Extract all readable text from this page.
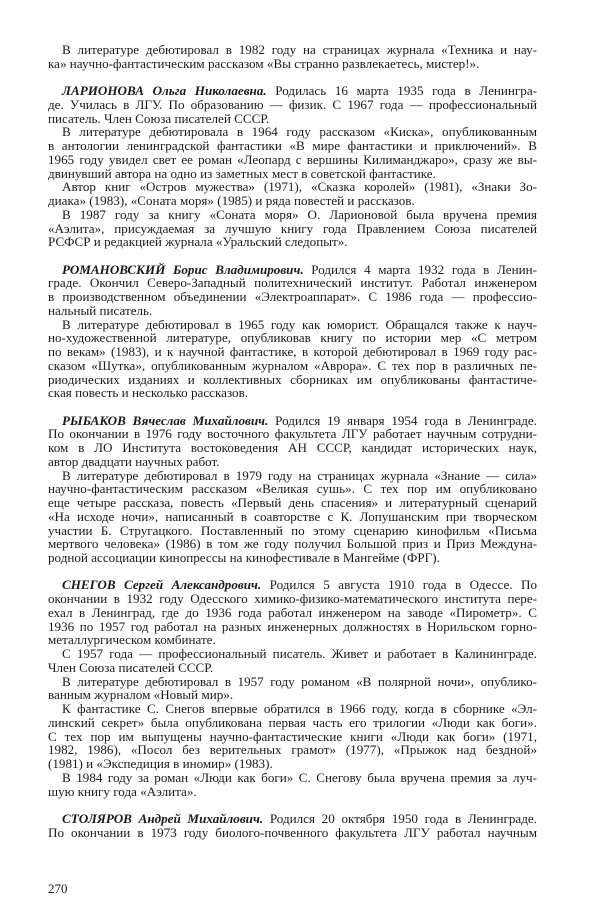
В литературе дебютировал в 1982 году на страницах журнала «Техника и нау-
ка» научно-фантастическим рассказом «Вы странно развлекаетесь, мистер!».
ЛАРИОНОВА Ольга Николаевна. Родилась 16 марта 1935 года в Ленингра-
де. Училась в ЛГУ. По образованию — физик. С 1967 года — профессиональный
писатель. Член Союза писателей СССР.
В литературе дебютировала в 1964 году рассказом «Киска», опубликованным
в антологии ленинградской фантастики «В мире фантастики и приключений». В
1965 году увидел свет ее роман «Леопард с вершины Килиманджаро», сразу же вы-
двинувший автора на одно из заметных мест в советской фантастике.
Автор книг «Остров мужества» (1971), «Сказка королей» (1981), «Знаки Зо-
диака» (1983), «Соната моря» (1985) и ряда повестей и рассказов.
В 1987 году за книгу «Соната моря» О. Ларионовой была вручена премия
«Аэлита», присуждаемая за лучшую книгу года Правлением Союза писателей
РСФСР и редакцией журнала «Уральский следопыт».
РОМАНОВСКИЙ Борис Владимирович. Родился 4 марта 1932 года в Ленин-
граде. Окончил Северо-Западный политехнический институт. Работал инженером
в производственном объединении «Электроаппарат». С 1986 года — профессио-
нальный писатель.
В литературе дебютировал в 1965 году как юморист. Обращался также к науч-
но-художественной литературе, опубликовав книгу по истории мер «С метром
по векам» (1983), и к научной фантастике, в которой дебютировал в 1969 году рас-
сказом «Шутка», опубликованным журналом «Аврора». С тех пор в различных пе-
риодических изданиях и коллективных сборниках им опубликованы фантастиче-
ская повесть и несколько рассказов.
РЫБАКОВ Вячеслав Михайлович. Родился 19 января 1954 года в Ленинграде.
По окончании в 1976 году восточного факультета ЛГУ работает научным сотрудни-
ком в ЛО Института востоковедения АН СССР, кандидат исторических наук,
автор двадцати научных работ.
В литературе дебютировал в 1979 году на страницах журнала «Знание — сила»
научно-фантастическим рассказом «Великая сушь». С тех пор им опубликовано
еще четыре рассказа, повесть «Первый день спасения» и литературный сценарий
«На исходе ночи», написанный в соавторстве с К. Лопушанским при творческом
участии Б. Стругацкого. Поставленный по этому сценарию кинофильм «Письма
мертвого человека» (1986) в том же году получил Большой приз и Приз Междуна-
родной ассоциации кинопрессы на кинофестивале в Мангейме (ФРГ).
СНЕГОВ Сергей Александрович. Родился 5 августа 1910 года в Одессе. По
окончании в 1932 году Одесского химико-физико-математического института пере-
ехал в Ленинград, где до 1936 года работал инженером на заводе «Пирометр». С
1936 по 1957 год работал на разных инженерных должностях в Норильском горно-
металлургическом комбинате.
С 1957 года — профессиональный писатель. Живет и работает в Калининграде.
Член Союза писателей СССР.
В литературе дебютировал в 1957 году романом «В полярной ночи», опублико-
ванным журналом «Новый мир».
К фантастике С. Снегов впервые обратился в 1966 году, когда в сборнике «Эл-
линский секрет» была опубликована первая часть его трилогии «Люди как боги».
С тех пор им выпущены научно-фантастические книги «Люди как боги» (1971,
1982, 1986), «Посол без верительных грамот» (1977), «Прыжок над бездной»
(1981) и «Экспедиция в иномир» (1983).
В 1984 году за роман «Люди как боги» С. Снегову была вручена премия за луч-
шую книгу года «Аэлита».
СТОЛЯРОВ Андрей Михайлович. Родился 20 октября 1950 года в Ленинграде.
По окончании в 1973 году биолого-почвенного факультета ЛГУ работал научным
270
